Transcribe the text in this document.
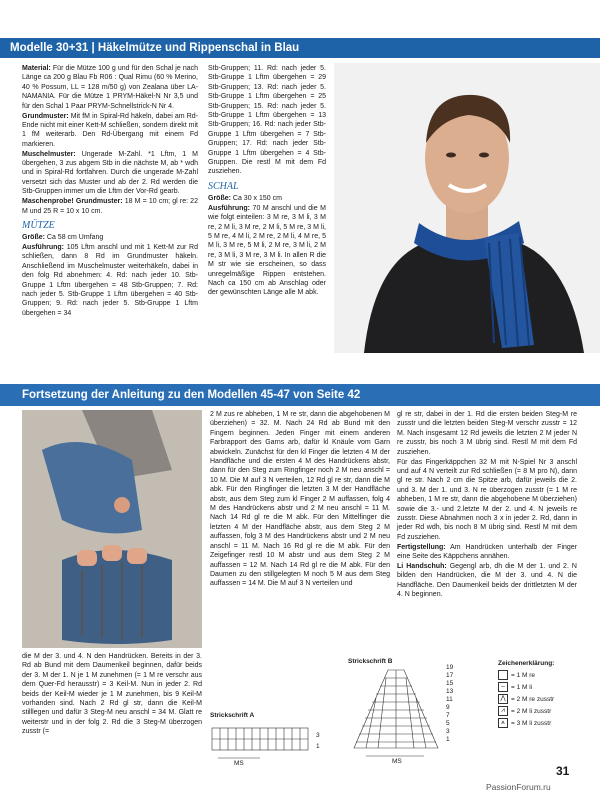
Modelle 30+31 | Häkelmütze und Rippenschal in Blau

Material: Für die Mütze 100 g und für den Schal je nach Länge ca 200 g Blau Fb R06 : Qual Rimu (60 % Merino, 40 % Possum, LL = 128 m/50 g) von Zealana über LA-NAMANIA. Für die Mütze 1 PRYM-Häkel-N Nr 3,5 und für den Schal 1 Paar PRYM-Schnellstrick-N Nr 4.

Grundmuster: Mit fM in Spiral-Rd häkeln, dabei am Rd-Ende nicht mit einer Kett-M schließen, sondern direkt mit 1 fM weiterarb. Den Rd-Übergang mit einem Fd markieren.

Muschelmuster: Ungerade M-Zahl. *1 Lftm, 1 M übergehen, 3 zus abgem Stb in die nächste M, ab * wdh und in Spiral-Rd fortfahren. Durch die ungerade M-Zahl versetzt sich das Muster und ab der 2. Rd werden die Stb-Gruppen immer um die Lftm der Vor-Rd gearb.

Maschenprobe! Grundmuster: 18 M = 10 cm; gl re: 22 M und 25 R = 10 x 10 cm.

MÜTZE

Größe: Ca 58 cm Umfang

Ausführung: 105 Lftm anschl und mit 1 Kett-M zur Rd schließen, dann 8 Rd im Grundmuster häkeln. Anschließend im Muschelmuster weiterhäkeln, dabei in den folg Rd abnehmen: 4. Rd: nach jeder 10. Stb-Gruppe 1 Lftm übergehen = 48 Stb-Gruppen; 7. Rd: nach jeder 5. Stb-Gruppe 1 Lftm übergehen = 40 Stb-Gruppen; 9. Rd: nach jeder 5. Stb-Gruppe 1 Lftm übergehen = 34

Stb-Gruppen; 11. Rd: nach jeder 5. Stb-Gruppe 1 Lftm übergehen = 29 Stb-Gruppen; 13. Rd: nach jeder 5. Stb-Gruppe 1 Lftm übergehen = 25 Stb-Gruppen; 15. Rd: nach jeder 5. Stb-Gruppe 1 Lftm übergehen = 13 Stb-Gruppen; 16. Rd: nach jeder Stb-Gruppe 1 Lftm übergehen = 7 Stb-Gruppen; 17. Rd: nach jeder Stb-Gruppe 1 Lftm übergehen = 4 Stb-Gruppen. Die restl M mit dem Fd zusziehen.

SCHAL

Größe: Ca 30 x 150 cm

Ausführung: 70 M anschl und die M wie folgt einteilen: 3 M re, 3 M li, 3 M re, 2 M li, 3 M re, 2 M li, 5 M re, 3 M li, 5 M re, 4 M li, 2 M re, 2 M li, 4 M re, 5 M li, 3 M re, 5 M li, 2 M re, 3 M li, 2 M re, 3 M li, 3 M re, 3 M li. In allen R die M str wie sie erscheinen, so dass unregelmäßige Rippen entstehen. Nach ca 150 cm ab Anschlag oder der gewünschten Länge alle M abk.

Fortsetzung der Anleitung zu den Modellen 45-47 von Seite 42

2 M zus re abheben, 1 M re str, dann die abgehobenen M überziehen) = 32. M. Nach 24 Rd ab Bund mit den Fingern beginnen. Jeden Finger mit einem anderen Farbrapport des Garns arb, dafür kl Knäule vom Garn abwickeln. Zunächst für den kl Finger die letzten 4 M der Handfläche und die ersten 4 M des Handrückens abstr, dann für den Steg zum Ringfinger noch 2 M neu anschl = 10 M. Die M auf 3 N verteilen, 12 Rd gl re str, dann die M abk. Für den Ringfinger die letzten 3 M der Handfläche abstr, aus dem Steg zum kl Finger 2 M auffassen, folg 4 M des Handrückens abstr und 2 M neu anschl = 11 M. Nach 14 Rd gl re die M abk. Für den Mittelfinger die letzten 4 M der Handfläche abstr, aus dem Steg 2 M auffassen, folg 3 M des Handrückens abstr und 2 M neu anschl = 11 M. Nach 16 Rd gl re die M abk. Für den Zeigefinger restl 10 M abstr und aus dem Steg 2 M auffassen = 12 M. Nach 14 Rd gl re die M abk. Für den Daumen zu den stillgelegten M noch 5 M aus dem Steg auffassen = 14 M. Die M auf 3 N verteilen und

gl re str, dabei in der 1. Rd die ersten beiden Steg-M re zusstr und die letzten beiden Steg-M verschr zusstr = 12 M. Nach insgesamt 12 Rd jeweils die letzten 2 M jeder N re zusstr, bis noch 3 M übrig sind. Restl M mit dem Fd zusziehen.

Für das Fingerkäppchen 32 M mit N-Spiel Nr 3 anschl und auf 4 N verteilt zur Rd schließen (= 8 M pro N), dann gl re str. Nach 2 cm die Spitze arb, dafür jeweils die 2. und 3. M der 1. und 3. N re überzogen zusstr (= 1 M re abheben, 1 M re str, dann die abgehobene M überziehen) sowie die 3.- und 2.letzte M der 2. und 4. N jeweils re zusstr. Diese Abnahmen noch 3 x in jeder 2. Rd, dann in jeder Rd wdh, bis noch 8 M übrig sind. Restl M mit dem Fd zusziehen.

Fertigstellung: Am Handrücken unterhalb der Finger eine Seite des Käppchens annähen.

Li Handschuh: Gegengl arb, dh die M der 1. und 2. N bilden den Handrücken, die M der 3. und 4. N die Handfläche. Den Daumenkeil beids der drittletzten M der 4. N beginnen.

die M der 3. und 4. N den Handrücken. Bereits in der 3. Rd ab Bund mit dem Daumenkeil beginnen, dafür beids der 3. M der 1. N je 1 M zunehmen (= 1 M re verschr aus dem Quer-Fd herausstr) = 3 Keil-M. Nun in jeder 2. Rd beids der Keil-M wieder je 1 M zunehmen, bis 9 Keil-M vorhanden sind. Nach 2 Rd gl str, dann die Keil-M stilllegen und dafür 3 Steg-M neu anschl = 34 M. Glatt re weiterstr und in der folg 2. Rd die 3 Steg-M überzogen zusstr (=

Strickschrift A
3
1
MS
Strickschrift B
19
17
15
13
11
9
7
5
3
1
MS
Zeichenerklärung:
= 1 M re
– = 1 M li
⋀ = 2 M re zusstr
⩘ = 2 M li zusstr
⩚ = 3 M li zusstr
31
PassionForum.ru
